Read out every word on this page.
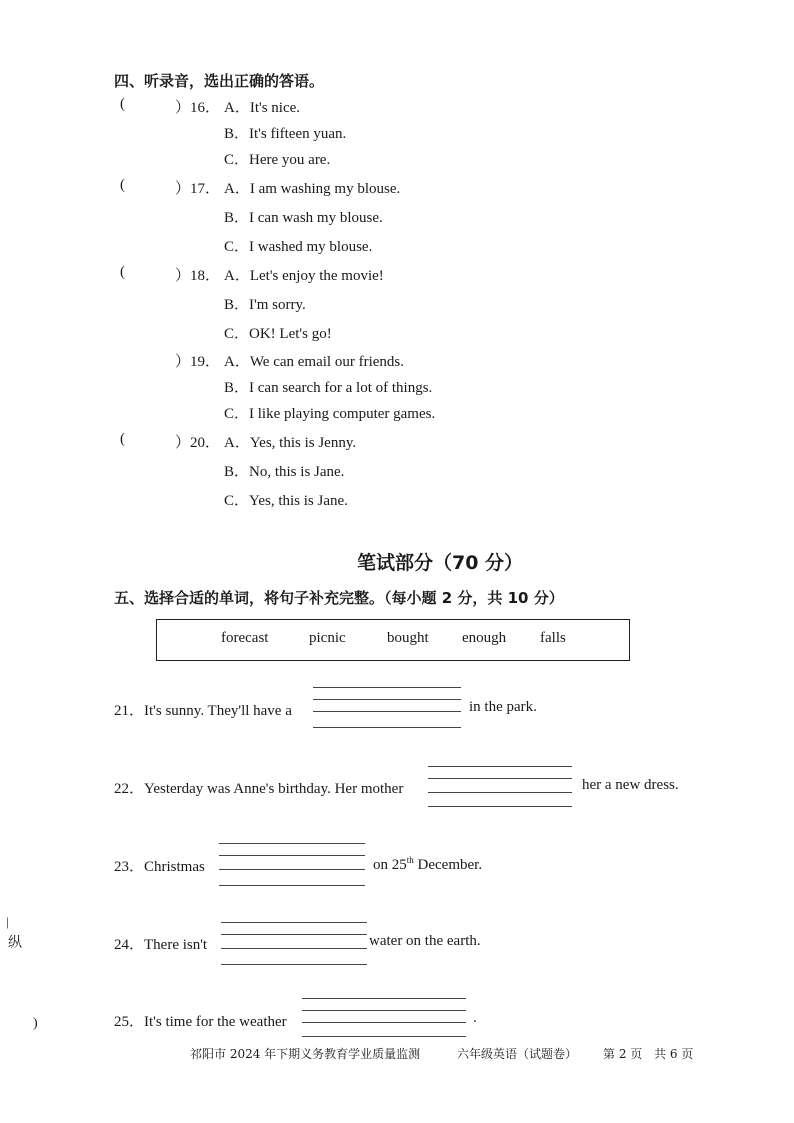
四、听录音，选出正确的答语。
(	）16． A．It's nice.
B．It's fifteen yuan.
C．Here you are.
(	）17． A．I am washing my blouse.
B．I can wash my blouse.
C．I washed my blouse.
(	）18． A．Let's enjoy the movie!
B．I'm sorry.
C．OK! Let's go!
）19． A．We can email our friends.
B．I can search for a lot of things.
C．I like playing computer games.
(	）20． A．Yes, this is Jenny.
B．No, this is Jane.
C．Yes, this is Jane.
笔试部分（70 分）
五、选择合适的单词，将句子补充完整。（每小题 2 分，共 10 分）
forecast	picnic	bought enough falls
21．It's sunny. They'll have a	in the park.
22．Yesterday was Anne's birthday. Her mother	her a new dress.
23．Christmas	on 25th December.
24．There isn't	water on the earth.
25．It's time for the weather	.
|
纵
)
祁阳市 2024 年下期义务教育学业质量监测	六年级英语（试题卷） 第 2 页 共 6 页
